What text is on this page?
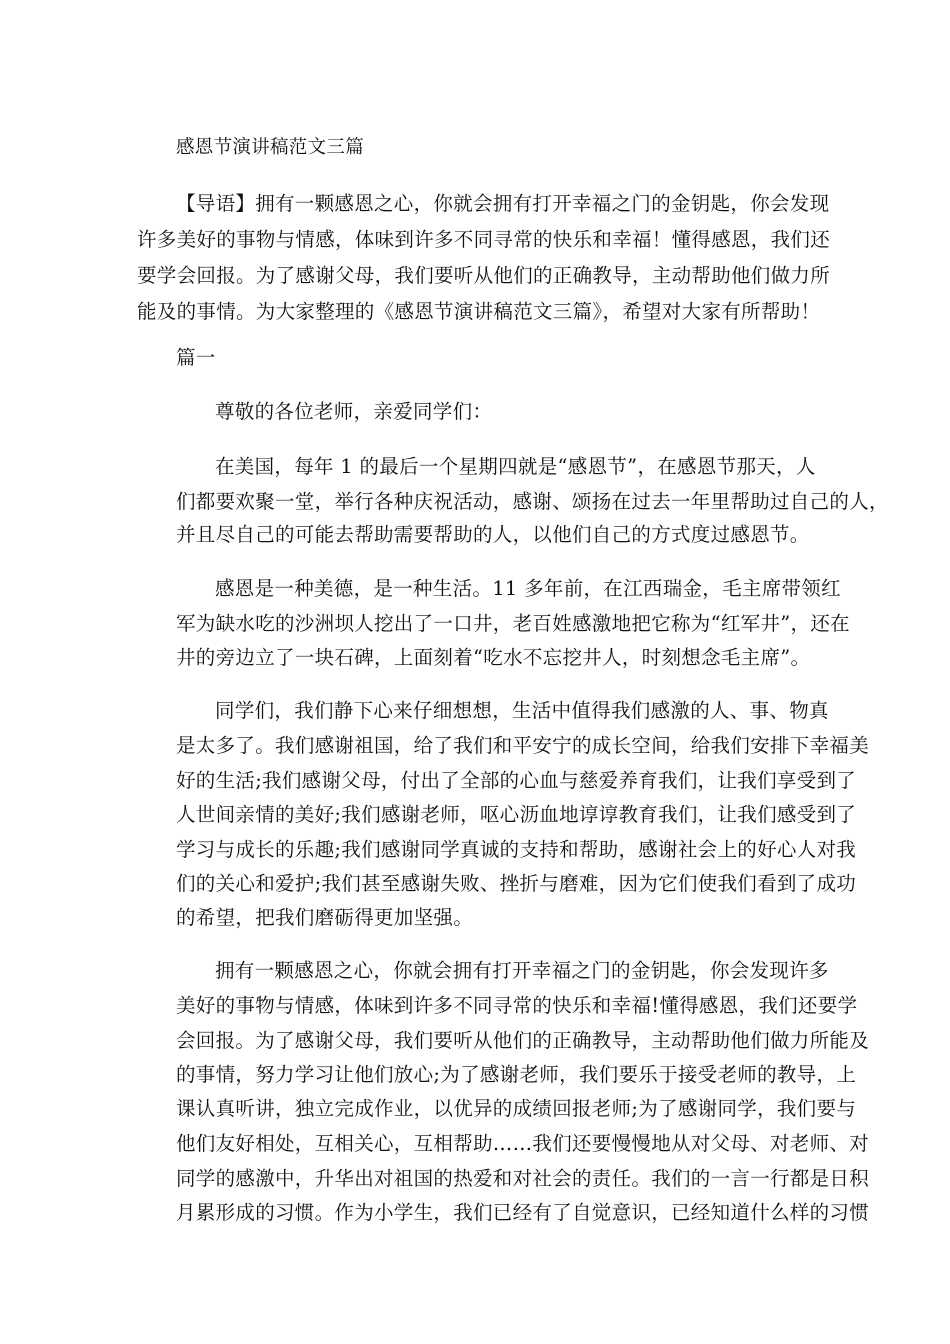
感恩节演讲稿范文三篇
【导语】拥有一颗感恩之心，你就会拥有打开幸福之门的金钥匙，你会发现
许多美好的事物与情感，体味到许多不同寻常的快乐和幸福！懂得感恩，我们还
要学会回报。为了感谢父母，我们要听从他们的正确教导，主动帮助他们做力所
能及的事情。为大家整理的《感恩节演讲稿范文三篇》，希望对大家有所帮助！
篇一
尊敬的各位老师，亲爱同学们：
在美国，每年 1 的最后一个星期四就是“感恩节”，在感恩节那天，人
们都要欢聚一堂，举行各种庆祝活动，感谢、颂扬在过去一年里帮助过自己的人，
并且尽自己的可能去帮助需要帮助的人，以他们自己的方式度过感恩节。
感恩是一种美德，是一种生活。11 多年前，在江西瑞金，毛主席带领红
军为缺水吃的沙洲坝人挖出了一口井，老百姓感激地把它称为“红军井”，还在
井的旁边立了一块石碑，上面刻着“吃水不忘挖井人，时刻想念毛主席”。
同学们，我们静下心来仔细想想，生活中值得我们感激的人、事、物真
是太多了。我们感谢祖国，给了我们和平安宁的成长空间，给我们安排下幸福美
好的生活;我们感谢父母，付出了全部的心血与慈爱养育我们，让我们享受到了
人世间亲情的美好;我们感谢老师，呕心沥血地谆谆教育我们，让我们感受到了
学习与成长的乐趣;我们感谢同学真诚的支持和帮助，感谢社会上的好心人对我
们的关心和爱护;我们甚至感谢失败、挫折与磨难，因为它们使我们看到了成功
的希望，把我们磨砺得更加坚强。
拥有一颗感恩之心，你就会拥有打开幸福之门的金钥匙，你会发现许多
美好的事物与情感，体味到许多不同寻常的快乐和幸福!懂得感恩，我们还要学
会回报。为了感谢父母，我们要听从他们的正确教导，主动帮助他们做力所能及
的事情，努力学习让他们放心;为了感谢老师，我们要乐于接受老师的教导，上
课认真听讲，独立完成作业，以优异的成绩回报老师;为了感谢同学，我们要与
他们友好相处，互相关心，互相帮助……我们还要慢慢地从对父母、对老师、对
同学的感激中，升华出对祖国的热爱和对社会的责任。我们的一言一行都是日积
月累形成的习惯。作为小学生，我们已经有了自觉意识，已经知道什么样的习惯
